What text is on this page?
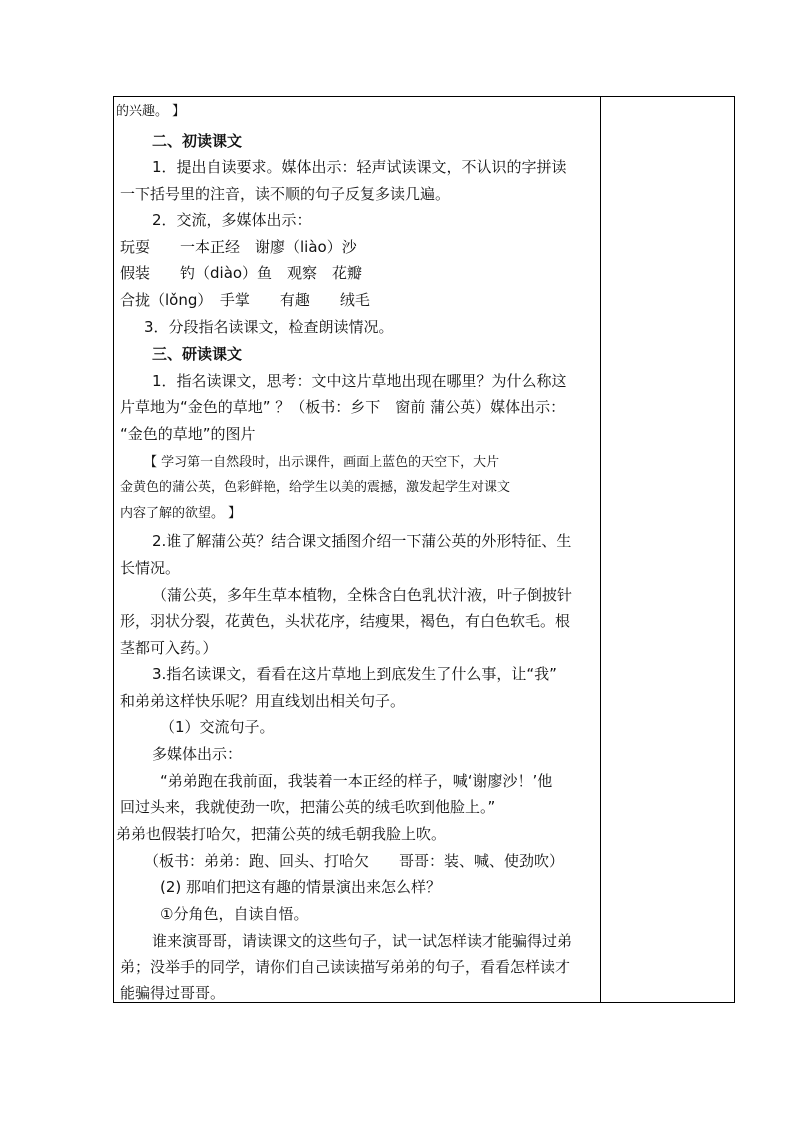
的兴趣。 】
二、初读课文
1．提出自读要求。媒体出示：轻声试读课文，不认识的字拼读
一下括号里的注音，读不顺的句子反复多读几遍。
2．交流，多媒体出示：
玩耍　　一本正经　谢廖（liào）沙
假装　　钓（diào）鱼　观察　花瓣
合拢（lǒng）　手掌　　有趣　　绒毛
3．分段指名读课文，检查朗读情况。
三、研读课文
1．指名读课文，思考：文中这片草地出现在哪里？为什么称这
片草地为“金色的草地” ？（板书：乡下　窗前 蒲公英）媒体出示：
“金色的草地”的图片
【 学习第一自然段时，出示课件，画面上蓝色的天空下，大片
金黄色的蒲公英，色彩鲜艳，给学生以美的震撼，激发起学生对课文
内容了解的欲望。 】
2.谁了解蒲公英？结合课文插图介绍一下蒲公英的外形特征、生
长情况。
（蒲公英，多年生草本植物，全株含白色乳状汁液，叶子倒披针
形，羽状分裂，花黄色，头状花序，结瘦果，褐色，有白色软毛。根
茎都可入药。）
3.指名读课文，看看在这片草地上到底发生了什么事，让“我”
和弟弟这样快乐呢？用直线划出相关句子。
（1）交流句子。
多媒体出示：
“弟弟跑在我前面，我装着一本正经的样子，喊‘谢廖沙！’他
回过头来，我就使劲一吹，把蒲公英的绒毛吹到他脸上。”
弟弟也假装打哈欠，把蒲公英的绒毛朝我脸上吹。
（板书：弟弟：跑、回头、打哈欠　　哥哥：装、喊、使劲吹）
(2) 那咱们把这有趣的情景演出来怎么样？
①分角色，自读自悟。
谁来演哥哥，请读课文的这些句子，试一试怎样读才能骗得过弟
弟；没举手的同学，请你们自己读读描写弟弟的句子，看看怎样读才
能骗得过哥哥。
